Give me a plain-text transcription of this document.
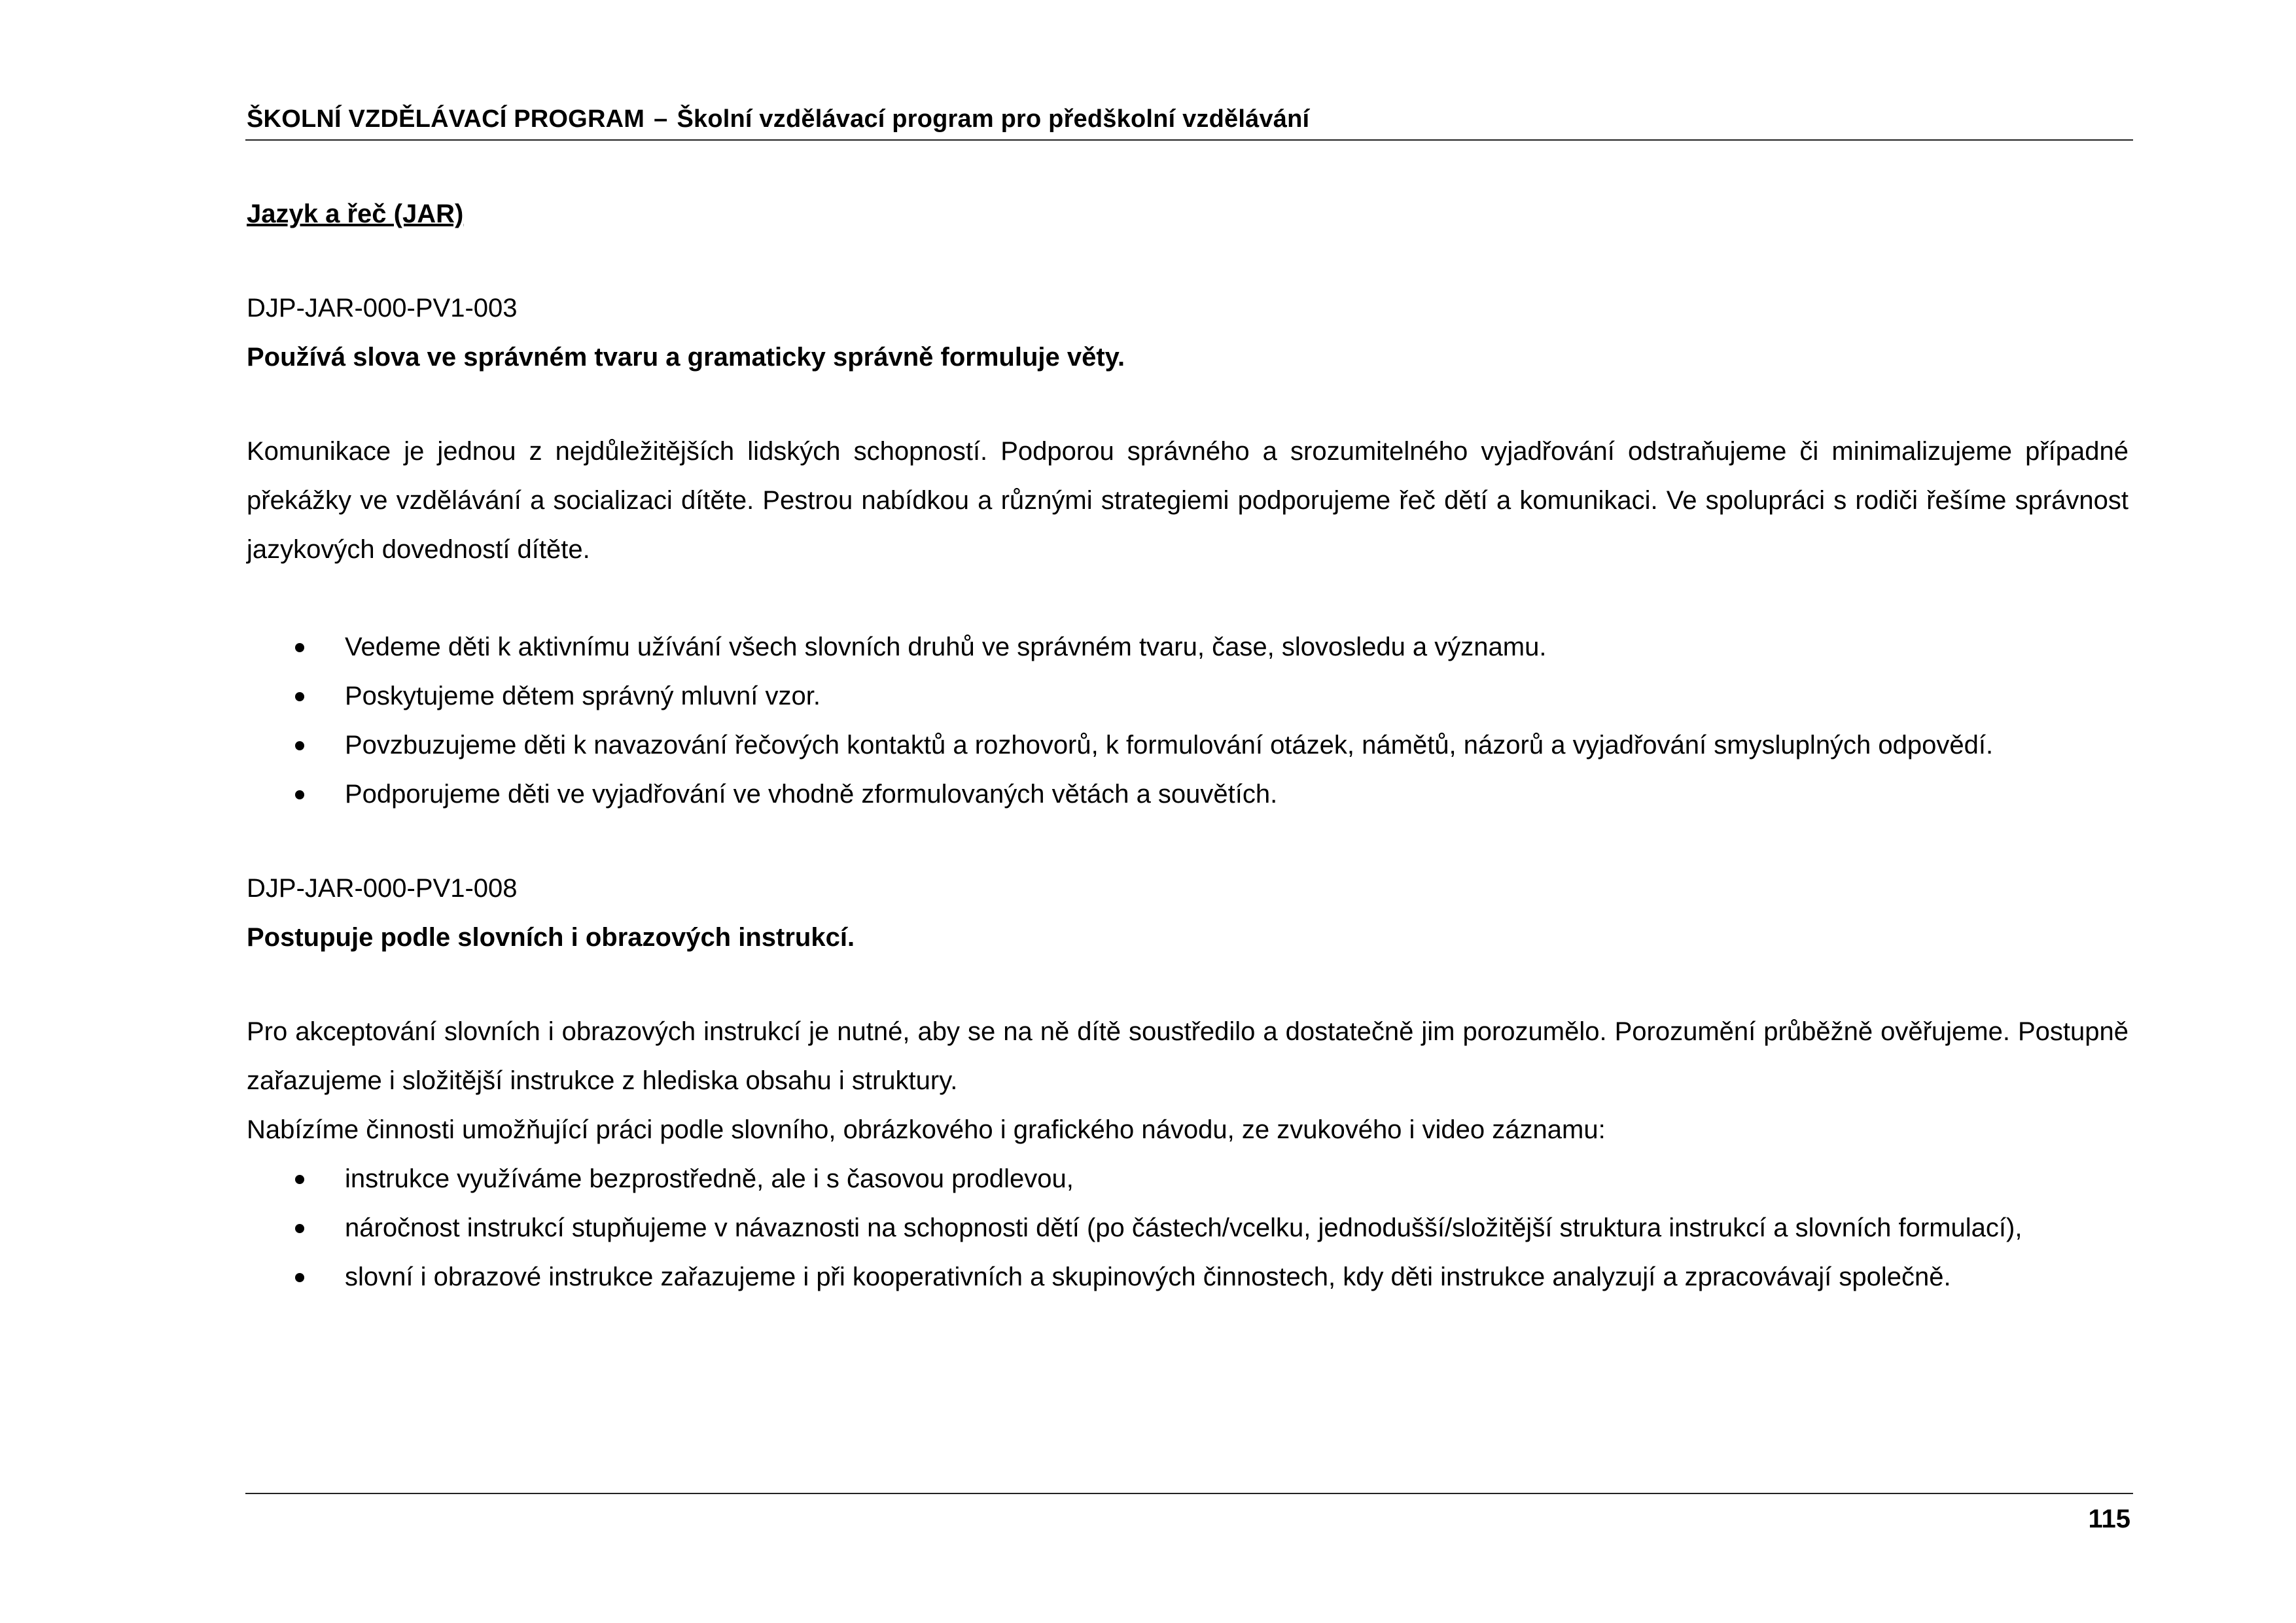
ŠKOLNÍ VZDĚLÁVACÍ PROGRAM – Školní vzdělávací program pro předškolní vzdělávání

Jazyk a řeč (JAR)

DJP-JAR-000-PV1-003

Používá slova ve správném tvaru a gramaticky správně formuluje věty.

Komunikace je jednou z nejdůležitějších lidských schopností. Podporou správného a srozumitelného vyjadřování odstraňujeme či minimalizujeme případné překážky ve vzdělávání a socializaci dítěte. Pestrou nabídkou a různými strategiemi podporujeme řeč dětí a komunikaci. Ve spolupráci s rodiči řešíme správnost jazykových dovedností dítěte.

Vedeme děti k aktivnímu užívání všech slovních druhů ve správném tvaru, čase, slovosledu a významu.
Poskytujeme dětem správný mluvní vzor.
Povzbuzujeme děti k navazování řečových kontaktů a rozhovorů, k formulování otázek, námětů, názorů a vyjadřování smysluplných odpovědí.
Podporujeme děti ve vyjadřování ve vhodně zformulovaných větách a souvětích.

DJP-JAR-000-PV1-008

Postupuje podle slovních i obrazových instrukcí.

Pro akceptování slovních i obrazových instrukcí je nutné, aby se na ně dítě soustředilo a dostatečně jim porozumělo. Porozumění průběžně ověřujeme. Postupně zařazujeme i složitější instrukce z hlediska obsahu i struktury.

Nabízíme činnosti umožňující práci podle slovního, obrázkového i grafického návodu, ze zvukového i video záznamu:

instrukce využíváme bezprostředně, ale i s časovou prodlevou,
náročnost instrukcí stupňujeme v návaznosti na schopnosti dětí (po částech/vcelku, jednodušší/složitější struktura instrukcí a slovních formulací),
slovní i obrazové instrukce zařazujeme i při kooperativních a skupinových činnostech, kdy děti instrukce analyzují a zpracovávají společně.
115
